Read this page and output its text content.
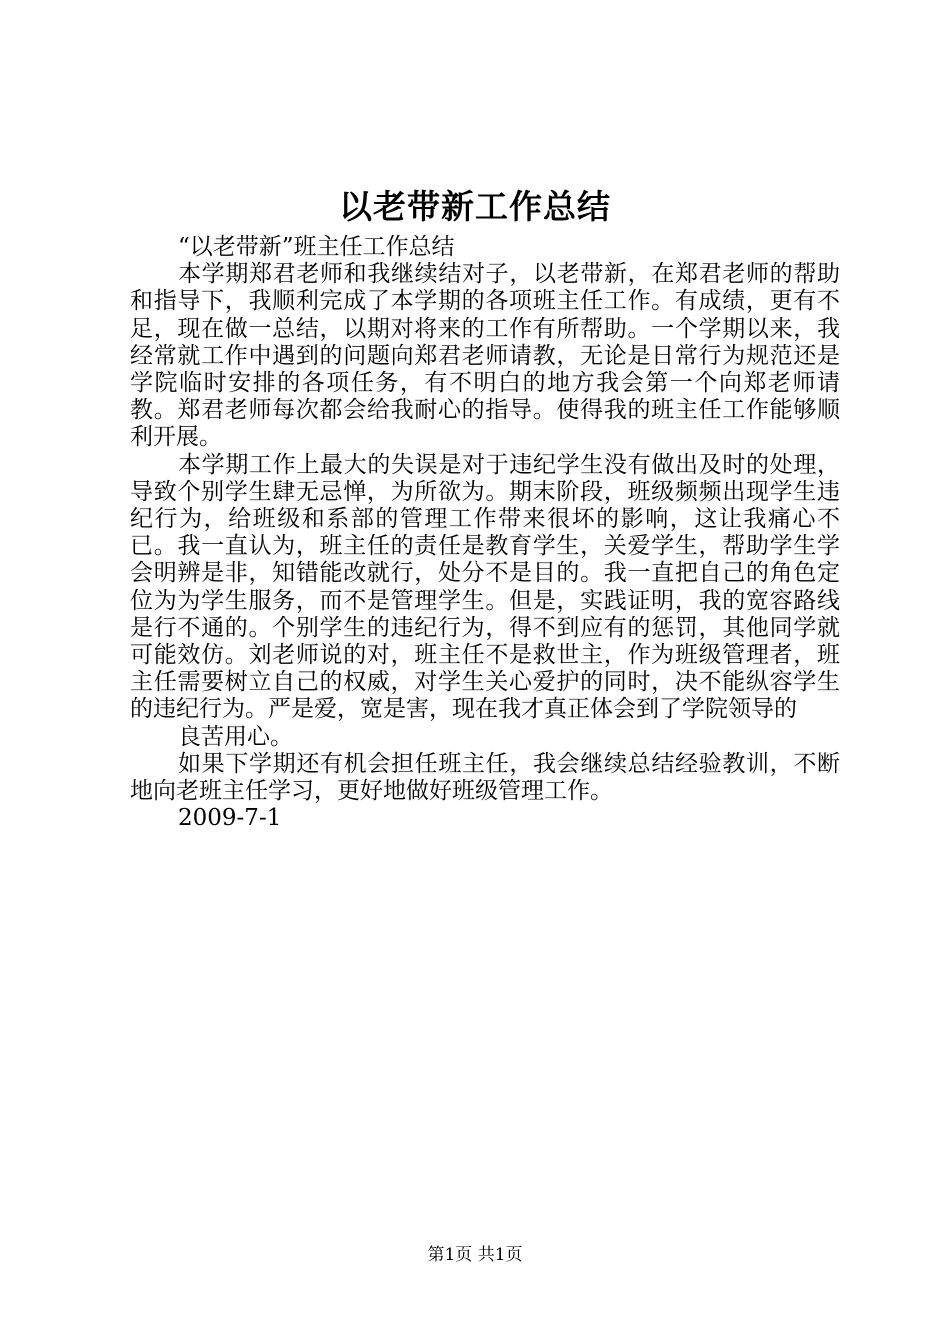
以老带新工作总结

“以老带新”班主任工作总结

本学期郑君老师和我继续结对子，以老带新，在郑君老师的帮助和指导下，我顺利完成了本学期的各项班主任工作。有成绩，更有不足，现在做一总结，以期对将来的工作有所帮助。一个学期以来，我经常就工作中遇到的问题向郑君老师请教，无论是日常行为规范还是学院临时安排的各项任务，有不明白的地方我会第一个向郑老师请教。郑君老师每次都会给我耐心的指导。使得我的班主任工作能够顺利开展。

本学期工作上最大的失误是对于违纪学生没有做出及时的处理，导致个别学生肆无忌惮，为所欲为。期末阶段，班级频频出现学生违纪行为，给班级和系部的管理工作带来很坏的影响，这让我痛心不已。我一直认为，班主任的责任是教育学生，关爱学生，帮助学生学会明辨是非，知错能改就行，处分不是目的。我一直把自己的角色定位为为学生服务，而不是管理学生。但是，实践证明，我的宽容路线是行不通的。个别学生的违纪行为，得不到应有的惩罚，其他同学就可能效仿。刘老师说的对，班主任不是救世主，作为班级管理者，班主任需要树立自己的权威，对学生关心爱护的同时，决不能纵容学生的违纪行为。严是爱，宽是害，现在我才真正体会到了学院领导的

良苦用心。

如果下学期还有机会担任班主任，我会继续总结经验教训，不断地向老班主任学习，更好地做好班级管理工作。

2009-7-1

第1页 共1页
